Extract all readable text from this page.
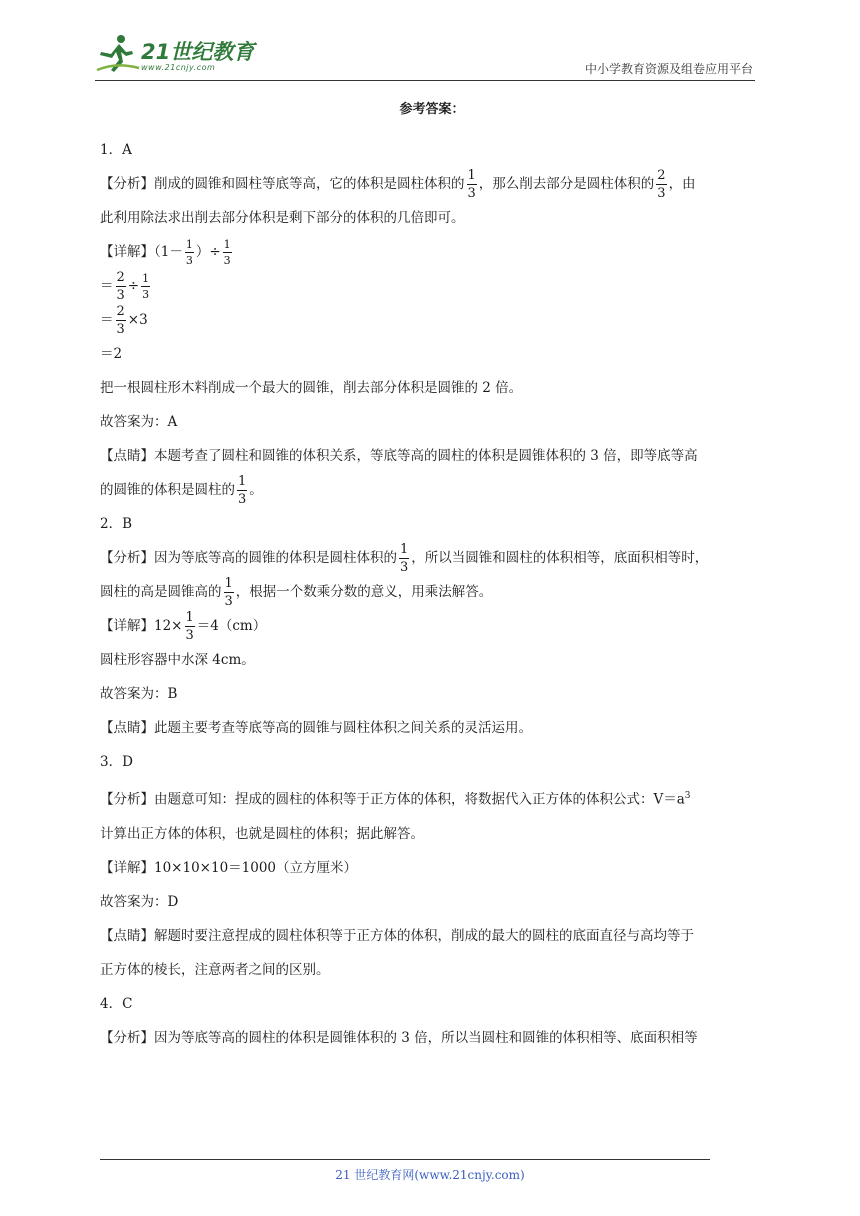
21世纪教育
www.21cnjy.com	中小学教育资源及组卷应用平台
参考答案：

1．A

【分析】削成的圆锥和圆柱等底等高，它的体积是圆柱体积的 $\frac{1}{3}$ ，那么削去部分是圆柱体积的 $\frac{2}{3}$ ，由

此利用除法求出削去部分体积是剩下部分的体积的几倍即可。

【详解】（$1- \frac{1}{3}$ ）÷ $\frac{1}{3}$

＝ $\frac{2}{3} \div \frac{1}{3}$

＝ $\frac{2}{3} \times 3$

＝2

把一根圆柱形木料削成一个最大的圆锥，削去部分体积是圆锥的 2 倍。

故答案为：A

【点睛】本题考查了圆柱和圆锥的体积关系，等底等高的圆柱的体积是圆锥体积的 3 倍，即等底等高

的圆锥的体积是圆柱的 $\frac{1}{3}$ 。

2．B

【分析】因为等底等高的圆锥的体积是圆柱体积的 $\frac{1}{3}$ ，所以当圆锥和圆柱的体积相等，底面积相等时，

圆柱的高是圆锥高的 $\frac{1}{3}$ ，根据一个数乘分数的意义，用乘法解答。

【详解】$12\times \frac{1}{3} =4(cm)$

圆柱形容器中水深 4cm。

故答案为：B

【点睛】此题主要考查等底等高的圆锥与圆柱体积之间关系的灵活运用。

3．D

【分析】由题意可知：捏成的圆柱的体积等于正方体的体积，将数据代入正方体的体积公式：$V=a^3$

计算出正方体的体积，也就是圆柱的体积；据此解答。

【详解】10×10×10＝1000（立方厘米）

故答案为：D

【点睛】解题时要注意捏成的圆柱体积等于正方体的体积，削成的最大的圆柱的底面直径与高均等于

正方体的棱长，注意两者之间的区别。

4．C

【分析】因为等底等高的圆柱的体积是圆锥体积的 3 倍，所以当圆柱和圆锥的体积相等、底面积相等

21 世纪教育网(www.21cnjy.com)
